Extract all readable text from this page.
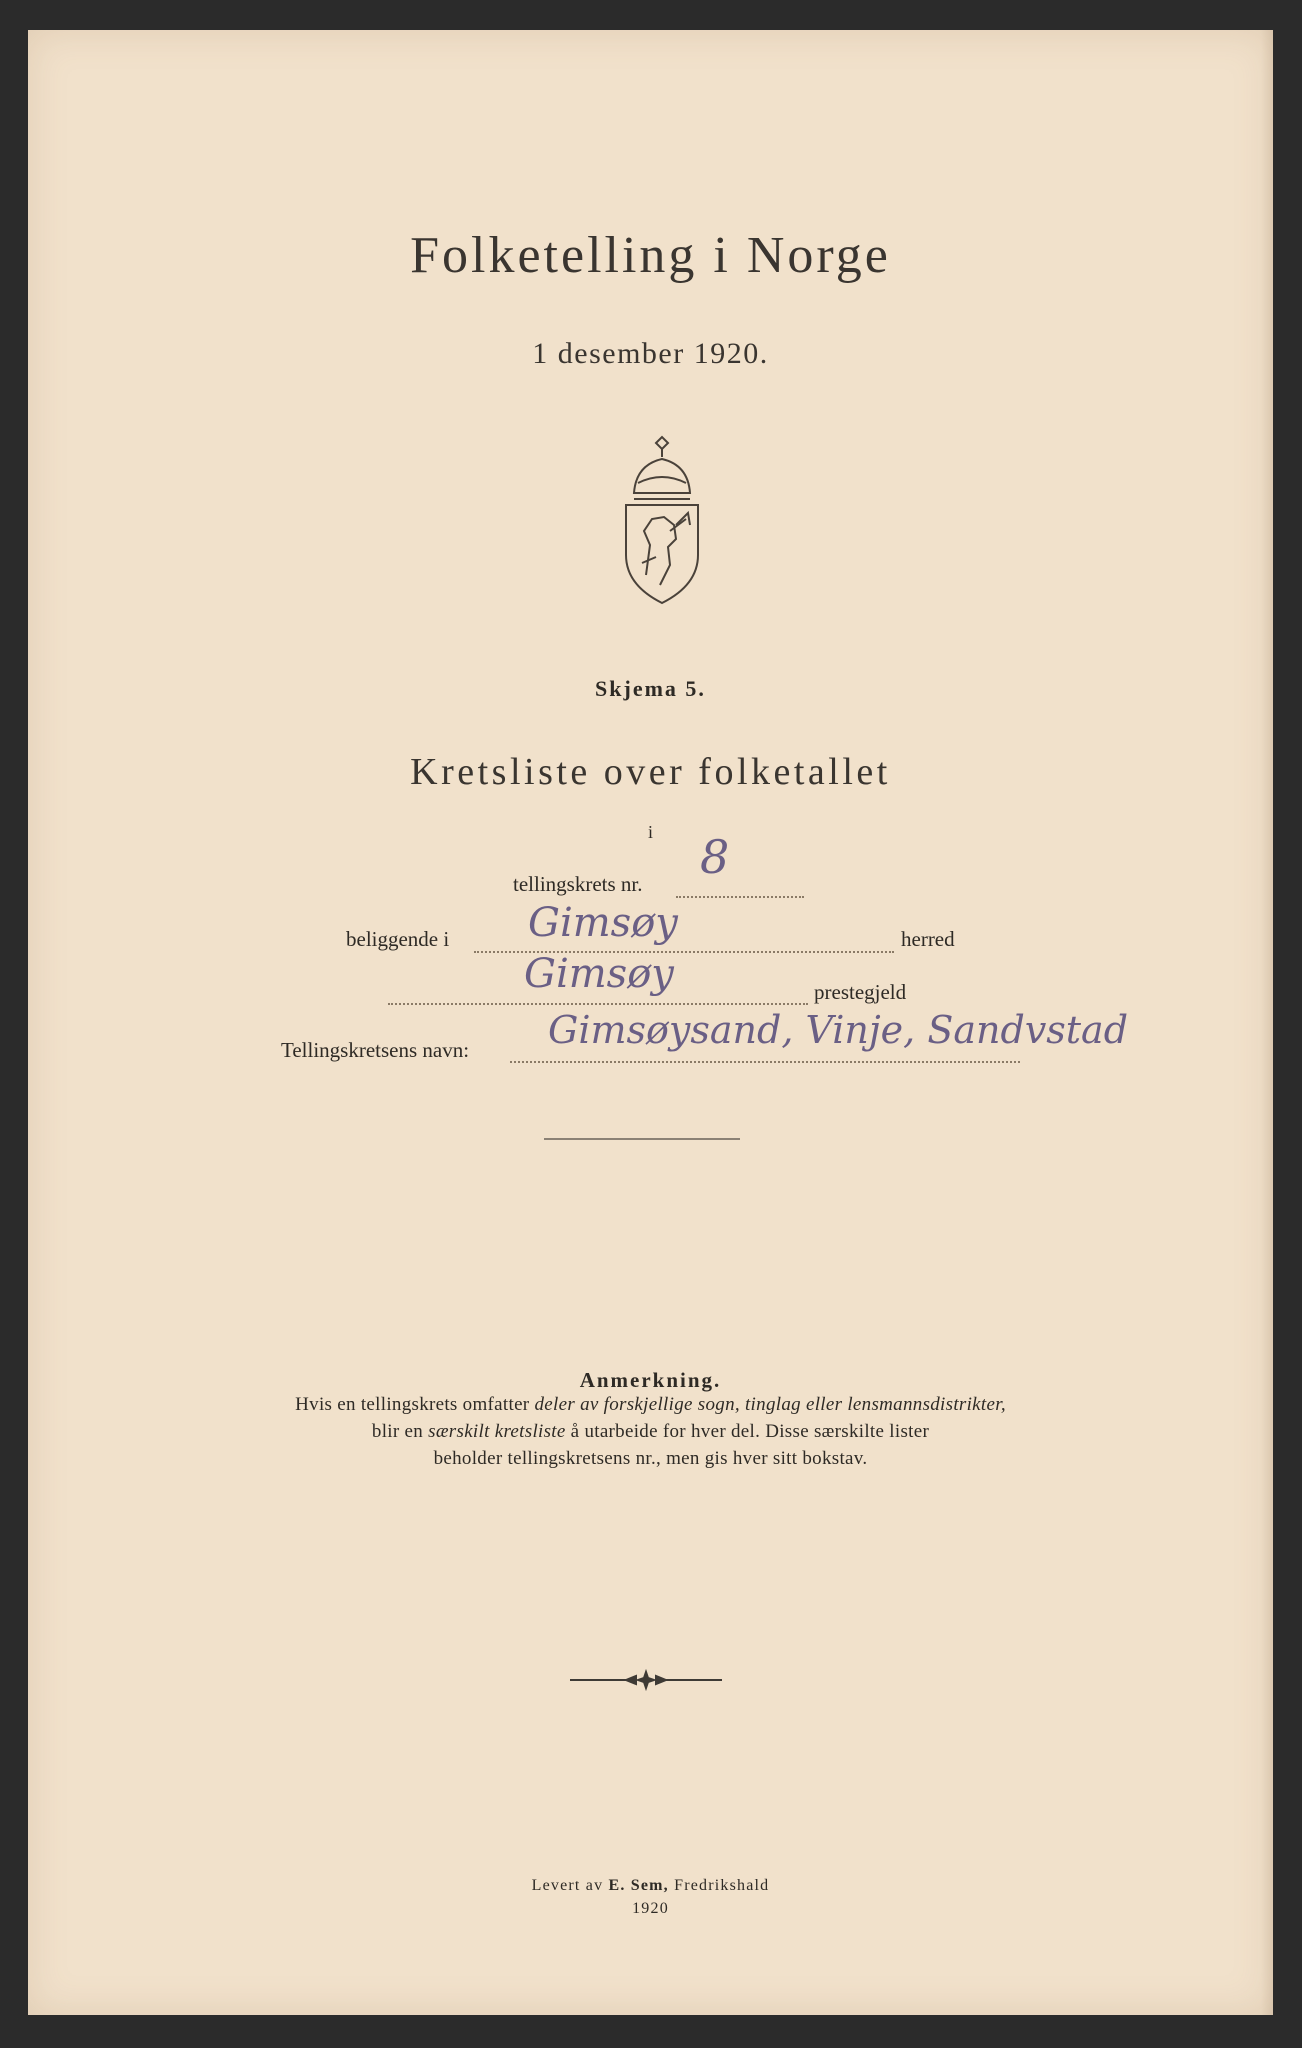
Folketelling i Norge
1 desember 1920.
Skjema 5.
Kretsliste over folketallet
i
tellingskrets nr. 8
beliggende i Gimsøy	herred
Gimsøy	prestegjeld
Tellingskretsens navn: Gimsøysand, Vinje, Sandvstad
Anmerkning.
Hvis en tellingskrets omfatter deler av forskjellige sogn, tinglag eller lensmannsdistrikter,
blir en særskilt kretsliste å utarbeide for hver del. Disse særskilte lister
beholder tellingskretsens nr., men gis hver sitt bokstav.
Levert av E. Sem, Fredrikshald
1920
